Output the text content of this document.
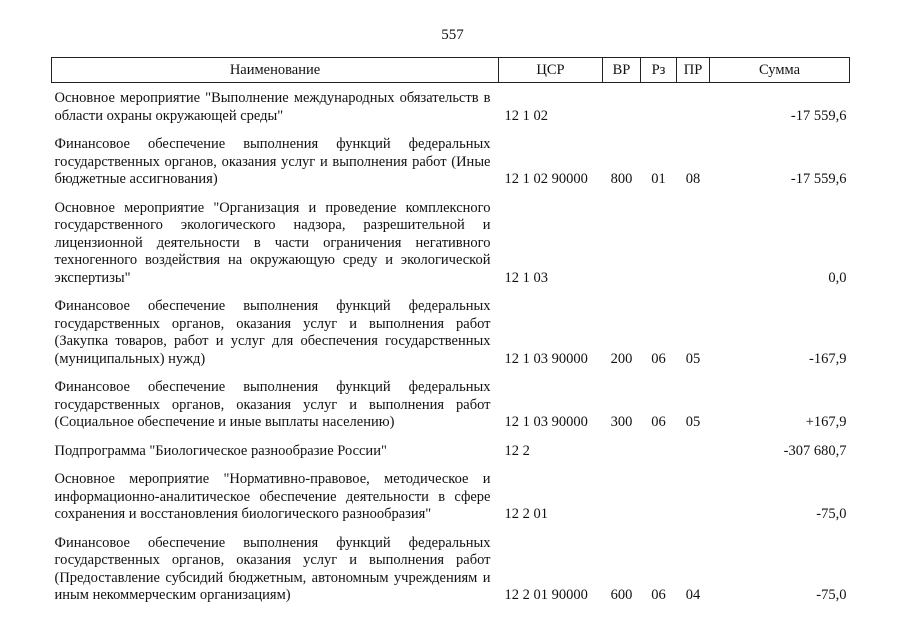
557
Наименование	ЦСР	ВР	Рз	ПР	Сумма
Основное мероприятие "Выполнение международных обязательств в области охраны окружающей среды"	12 1 02				-17 559,6
Финансовое обеспечение выполнения функций федеральных государственных органов, оказания услуг и выполнения работ (Иные бюджетные ассигнования)	12 1 02 90000	800	01	08	-17 559,6
Основное мероприятие "Организация и проведение комплексного государственного экологического надзора, разрешительной и лицензионной деятельности в части ограничения негативного техногенного воздействия на окружающую среду и экологической экспертизы"	12 1 03				0,0
Финансовое обеспечение выполнения функций федеральных государственных органов, оказания услуг и выполнения работ (Закупка товаров, работ и услуг для обеспечения государственных (муниципальных) нужд)	12 1 03 90000	200	06	05	-167,9
Финансовое обеспечение выполнения функций федеральных государственных органов, оказания услуг и выполнения работ (Социальное обеспечение и иные выплаты населению)	12 1 03 90000	300	06	05	+167,9
Подпрограмма "Биологическое разнообразие России"	12 2				-307 680,7
Основное мероприятие "Нормативно-правовое, методическое и информационно-аналитическое обеспечение деятельности в сфере сохранения и восстановления биологического разнообразия"	12 2 01				-75,0
Финансовое обеспечение выполнения функций федеральных государственных органов, оказания услуг и выполнения работ (Предоставление субсидий бюджетным, автономным учреждениям и иным некоммерческим организациям)	12 2 01 90000	600	06	04	-75,0
